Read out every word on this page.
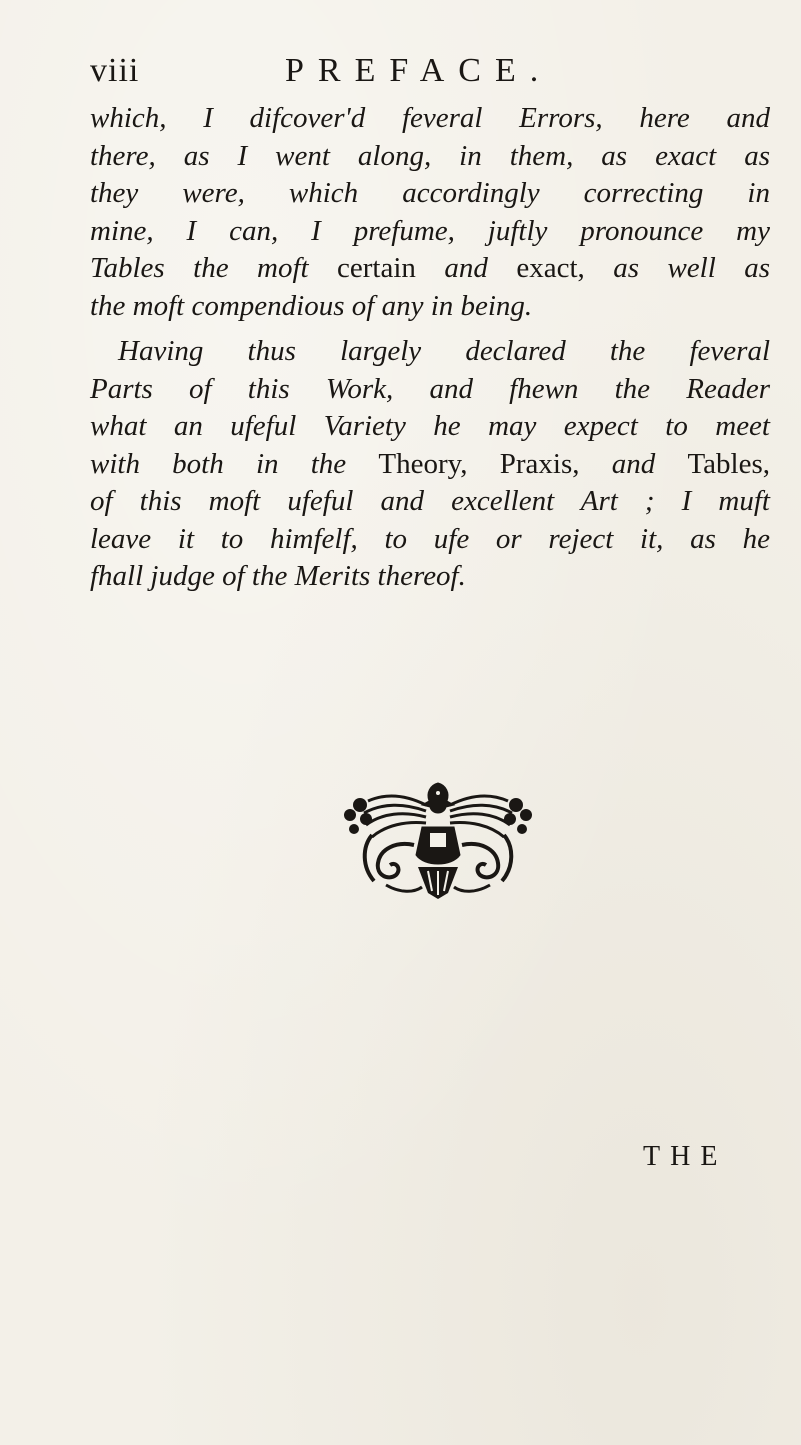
viii	PREFACE.
which, I difcover'd feveral Errors, here and
there, as I went along, in them, as exact as
they were, which accordingly correcting in
mine, I can, I prefume, juftly pronounce my
Tables the moft certain and exact, as well as
the moft compendious of any in being.
Having thus largely declared the feveral
Parts of this Work, and fhewn the Reader
what an ufeful Variety he may expect to meet
with both in the Theory, Praxis, and Tables,
of this moft ufeful and excellent Art ; I muft
leave it to himfelf, to ufe or reject it, as he
fhall judge of the Merits thereof.
THE
